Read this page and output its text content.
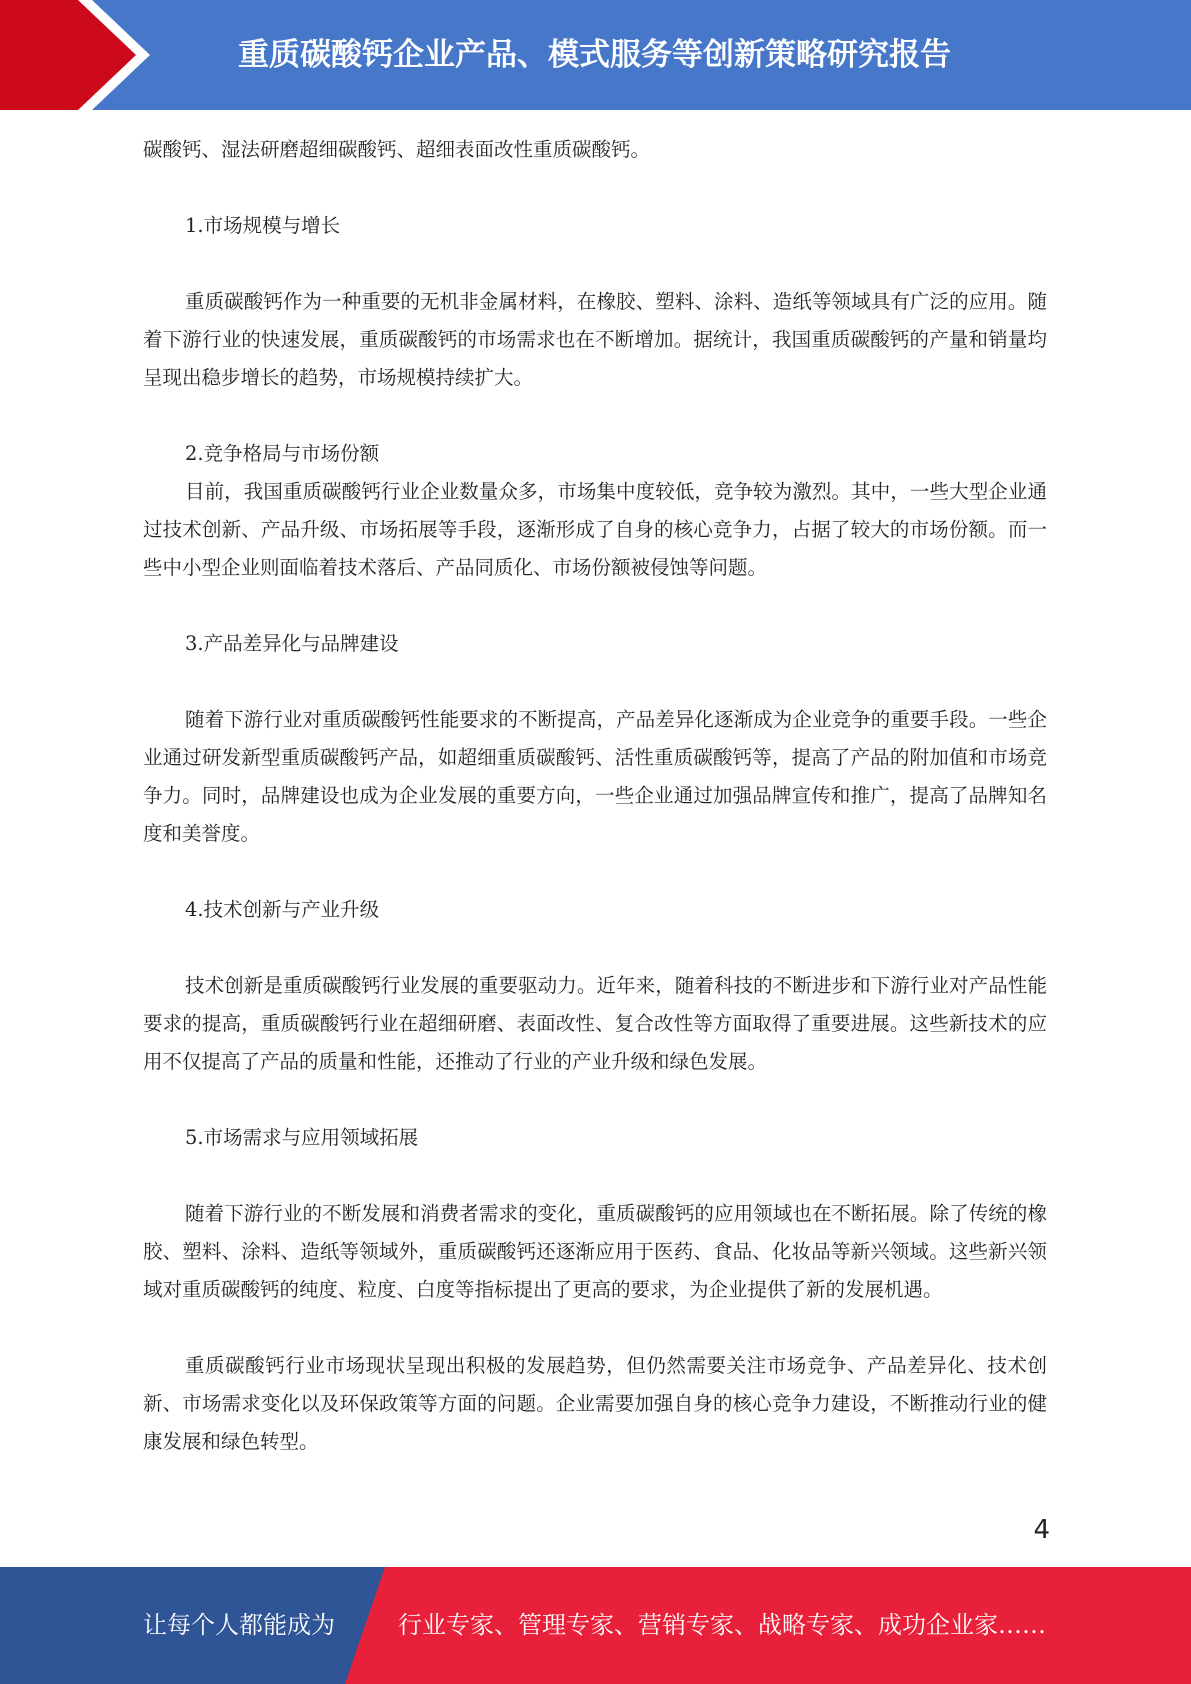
重质碳酸钙企业产品、模式服务等创新策略研究报告

碳酸钙、湿法研磨超细碳酸钙、超细表面改性重质碳酸钙。

1.市场规模与增长

重质碳酸钙作为一种重要的无机非金属材料，在橡胶、塑料、涂料、造纸等领域具有广泛的应用。随着下游行业的快速发展，重质碳酸钙的市场需求也在不断增加。据统计，我国重质碳酸钙的产量和销量均呈现出稳步增长的趋势，市场规模持续扩大。

2.竞争格局与市场份额

目前，我国重质碳酸钙行业企业数量众多，市场集中度较低，竞争较为激烈。其中，一些大型企业通过技术创新、产品升级、市场拓展等手段，逐渐形成了自身的核心竞争力，占据了较大的市场份额。而一些中小型企业则面临着技术落后、产品同质化、市场份额被侵蚀等问题。

3.产品差异化与品牌建设

随着下游行业对重质碳酸钙性能要求的不断提高，产品差异化逐渐成为企业竞争的重要手段。一些企业通过研发新型重质碳酸钙产品，如超细重质碳酸钙、活性重质碳酸钙等，提高了产品的附加值和市场竞争力。同时，品牌建设也成为企业发展的重要方向，一些企业通过加强品牌宣传和推广，提高了品牌知名度和美誉度。

4.技术创新与产业升级

技术创新是重质碳酸钙行业发展的重要驱动力。近年来，随着科技的不断进步和下游行业对产品性能要求的提高，重质碳酸钙行业在超细研磨、表面改性、复合改性等方面取得了重要进展。这些新技术的应用不仅提高了产品的质量和性能，还推动了行业的产业升级和绿色发展。

5.市场需求与应用领域拓展

随着下游行业的不断发展和消费者需求的变化，重质碳酸钙的应用领域也在不断拓展。除了传统的橡胶、塑料、涂料、造纸等领域外，重质碳酸钙还逐渐应用于医药、食品、化妆品等新兴领域。这些新兴领域对重质碳酸钙的纯度、粒度、白度等指标提出了更高的要求，为企业提供了新的发展机遇。

重质碳酸钙行业市场现状呈现出积极的发展趋势，但仍然需要关注市场竞争、产品差异化、技术创新、市场需求变化以及环保政策等方面的问题。企业需要加强自身的核心竞争力建设，不断推动行业的健康发展和绿色转型。

4
让每个人都能成为	行业专家、管理专家、营销专家、战略专家、成功企业家……
